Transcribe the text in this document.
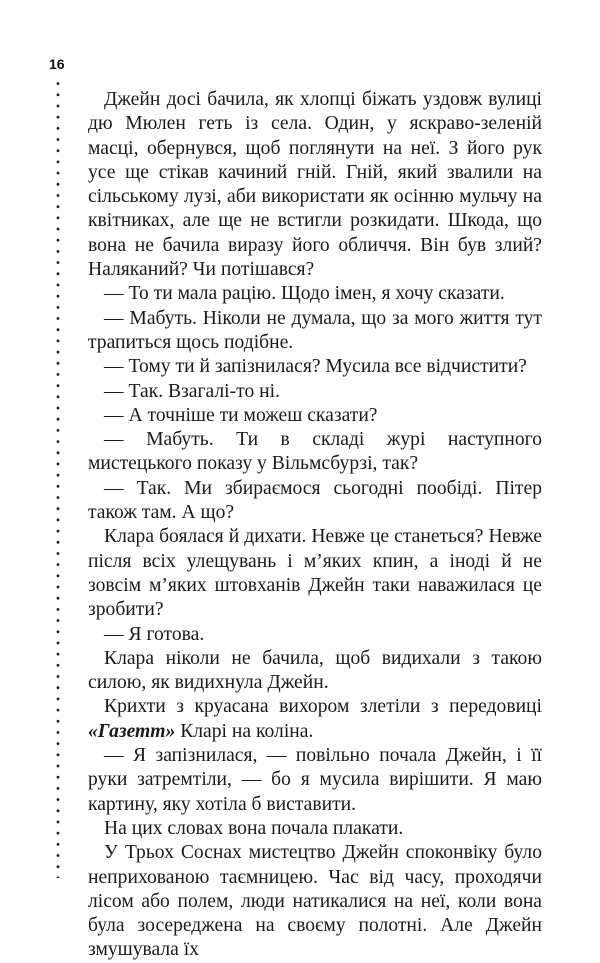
16

Джейн досі бачила, як хлопці біжать уздовж вулиці дю Мюлен геть із села. Один, у яскраво-зеленій масці, обернувся, щоб поглянути на неї. З його рук усе ще стікав качиний гній. Гній, який звалили на сільському лузі, аби використати як осінню мульчу на квітниках, але ще не встигли розкидати. Шкода, що вона не бачила виразу його обличчя. Він був злий? Наляканий? Чи потішався?

— То ти мала рацію. Щодо імен, я хочу сказати.

— Мабуть. Ніколи не думала, що за мого життя тут трапиться щось подібне.

— Тому ти й запізнилася? Мусила все відчистити?

— Так. Взагалі-то ні.

— А точніше ти можеш сказати?

— Мабуть. Ти в складі журі наступного мистецького показу у Вільмсбурзі, так?

— Так. Ми збираємося сьогодні пообіді. Пітер також там. А що?

Клара боялася й дихати. Невже це станеться? Невже після всіх улещувань і м’яких кпин, а іноді й не зовсім м’яких штовханів Джейн таки наважилася це зробити?

— Я готова.

Клара ніколи не бачила, щоб видихали з такою силою, як видихнула Джейн.

Крихти з круасана вихором злетіли з передовиці «Газетт» Кларі на коліна.

— Я запізнилася, — повільно почала Джейн, і її руки затремтіли, — бо я мусила вирішити. Я маю картину, яку хотіла б виставити.

На цих словах вона почала плакати.

У Трьох Соснах мистецтво Джейн споконвіку було неприхованою таємницею. Час від часу, проходячи лісом або полем, люди натикалися на неї, коли вона була зосереджена на своєму полотні. Але Джейн змушувала їх
